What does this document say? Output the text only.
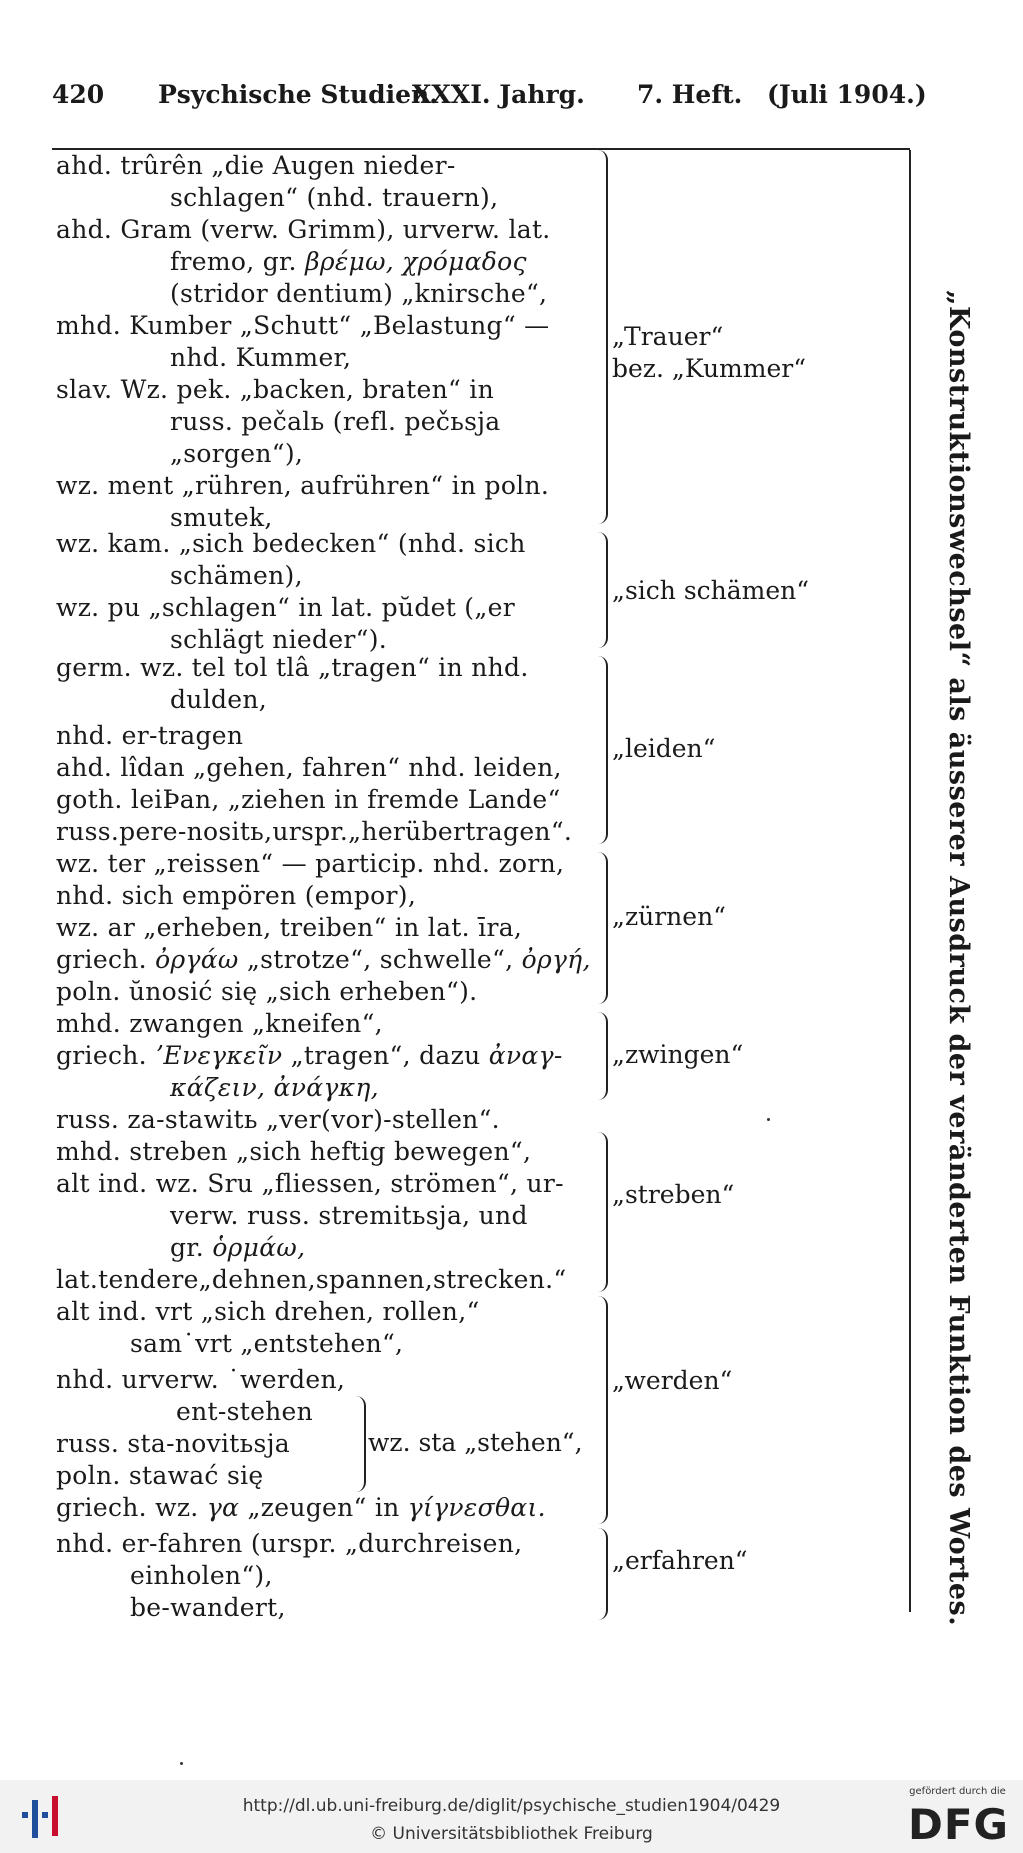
420 Psychische Studien.
XXXI. Jahrg. 7. Heft. (Juli 1904.)
„Konstruktionswechsel“ als äusserer Ausdruck der veränderten Funktion des Wortes.
ahd. trûrên „die Augen nieder-
schlagen“ (nhd. trauern),
ahd. Gram (verw. Grimm), urverw. lat.
fremo, gr. βρέμω, χρόμαδος
(stridor dentium) „knirsche“,
mhd. Kumber „Schutt“ „Belastung“ —
nhd. Kummer,
slav. Wz. pek. „backen, braten“ in
russ. pečalь (refl. pečьsja
„sorgen“),
wz. ment „rühren, aufrühren“ in poln.
smutek,
wz. kam. „sich bedecken“ (nhd. sich
schämen),
wz. pu „schlagen“ in lat. pŭdet („er
schlägt nieder“).
germ. wz. tel tol tlâ „tragen“ in nhd.
dulden,
nhd. er-tragen
ahd. lîdan „gehen, fahren“ nhd. leiden,
goth. leiÞan, „ziehen in fremde Lande“
russ.pere-nositь,urspr.„herübertragen“.
wz. ter „reissen“ — particip. nhd. zorn,
nhd. sich empören (empor),
wz. ar „erheben, treiben“ in lat. īra,
griech. ὀργάω „strotze“, schwelle“, ὀργή,
poln. ŭnosić się „sich erheben“).
mhd. zwangen „kneifen“,
griech. ʼΕνεγκεῖν „tragen“, dazu ἀναγ-
κάζειν, ἀνάγκη,
russ. za-stawitь „ver(vor)-stellen“.
mhd. streben „sich heftig bewegen“,
alt ind. wz. Sru „fliessen, strömen“, ur-
verw. russ. stremitьsja, und
gr. ὁρμάω,
lat.tendere„dehnen,spannen,strecken.“
alt ind. vrt „sich drehen, rollen,“
sam˙vrt „entstehen“,
nhd. urverw. ˙werden,
ent-stehen
russ. sta-novitьsja
poln. stawać się
wz. sta „stehen“,
griech. wz. γα „zeugen“ in γίγνεσθαι.
nhd. er-fahren (urspr. „durchreisen,
einholen“),
be-wandert,
„Trauer“
bez. „Kummer“
„sich schämen“
„leiden“
„zürnen“
„zwingen“
„streben“
„werden“
„erfahren“
http://dl.ub.uni-freiburg.de/diglit/psychische_studien1904/0429
© Universitätsbibliothek Freiburg
gefördert durch die
DFG
